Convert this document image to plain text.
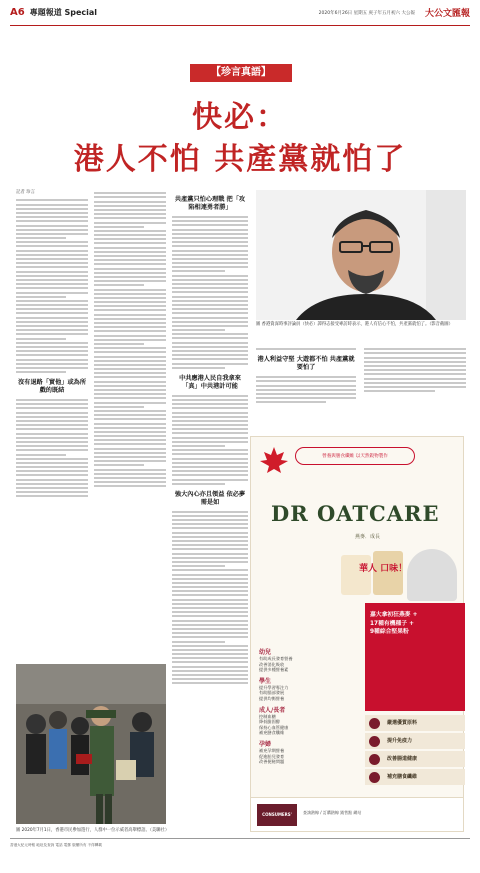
A6 專題報道 Special	2020年6月26日 星期五 庚子年五月初六 大公報 大公文匯報
【珍言真語】
快必：
港人不怕 共產黨就怕了
記者 珍言
沒有退路「實他」或為所戲的既結
共產黨只怕心理戰 把「攻陷相連勇者勝」
中共應港人民自我拿來「真」中共港計可能
強大內心亦且領益 依必夢需是如
圖 香港資深時事評論員（快必）譚得志接受專訪時表示，港人有信心不怕，共產黨就怕了。（影音截圖）
港人利益守堅 大遊都不怕 共產黨就要怕了
圖 2020年7月1日，香港市民參加遊行，人群中一位示威者高舉標語。（美聯社）
營養與膳食纖維 以天然穀物製作
DR OATCARE
燕麥．成長
華人 口味！
嘉大拿初狂燕麥 +
17種有機種子 +
9種綜合堅果粉
幼兒
有助成長發育營養
改善消化吸收
提供多種營養素
學生
提升學習專注力
有助腦部發展
提供均衡營養
成人/長者
控制血糖
降低膽固醇
保持心血管健康
補充膳食纖維
孕婦
補充孕期營養
促進胎兒發育
改善便秘問題
嚴選優質原料
提升免疫力
改善腸道健康
補充膳食纖維
CONSUMERS' CHOICE
查詢熱線 / 訂購熱線 銷售點 網站
香港大紀元時報 地址及查詢 電話 電郵 版權所有 不得轉載
